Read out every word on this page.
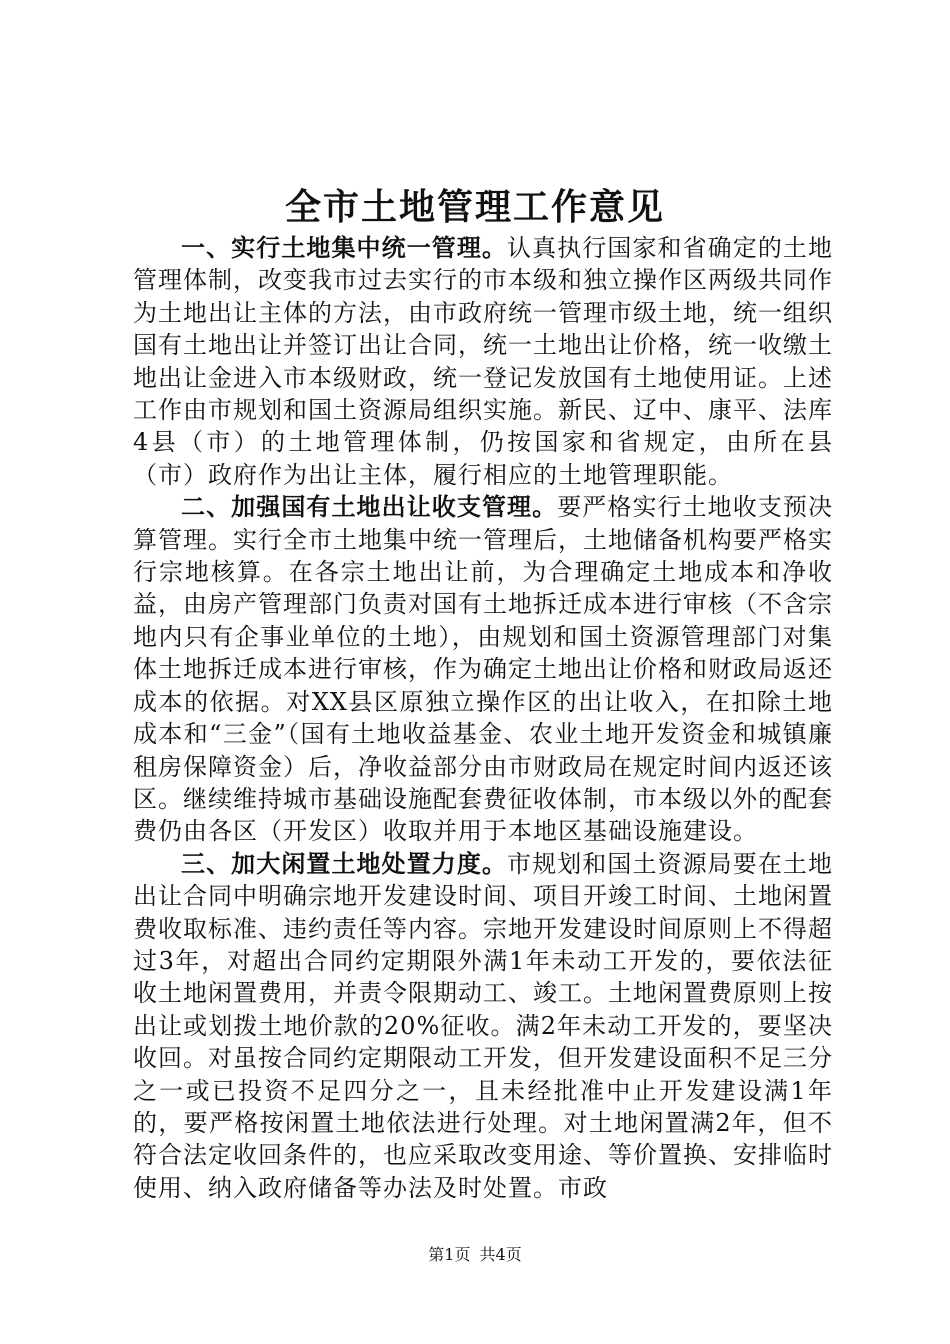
全市土地管理工作意见

一、实行土地集中统一管理。认真执行国家和省确定的土地管理体制，改变我市过去实行的市本级和独立操作区两级共同作为土地出让主体的方法，由市政府统一管理市级土地，统一组织国有土地出让并签订出让合同，统一土地出让价格，统一收缴土地出让金进入市本级财政，统一登记发放国有土地使用证。上述工作由市规划和国土资源局组织实施。新民、辽中、康平、法库4县（市）的土地管理体制，仍按国家和省规定，由所在县（市）政府作为出让主体，履行相应的土地管理职能。

二、加强国有土地出让收支管理。要严格实行土地收支预决算管理。实行全市土地集中统一管理后，土地储备机构要严格实行宗地核算。在各宗土地出让前，为合理确定土地成本和净收益，由房产管理部门负责对国有土地拆迁成本进行审核（不含宗地内只有企事业单位的土地），由规划和国土资源管理部门对集体土地拆迁成本进行审核，作为确定土地出让价格和财政局返还成本的依据。对XX县区原独立操作区的出让收入，在扣除土地成本和“三金”（国有土地收益基金、农业土地开发资金和城镇廉租房保障资金）后，净收益部分由市财政局在规定时间内返还该区。继续维持城市基础设施配套费征收体制，市本级以外的配套费仍由各区（开发区）收取并用于本地区基础设施建设。

三、加大闲置土地处置力度。市规划和国土资源局要在土地出让合同中明确宗地开发建设时间、项目开竣工时间、土地闲置费收取标准、违约责任等内容。宗地开发建设时间原则上不得超过3年，对超出合同约定期限外满1年未动工开发的，要依法征收土地闲置费用，并责令限期动工、竣工。土地闲置费原则上按出让或划拨土地价款的20%征收。满2年未动工开发的，要坚决收回。对虽按合同约定期限动工开发，但开发建设面积不足三分之一或已投资不足四分之一，且未经批准中止开发建设满1年的，要严格按闲置土地依法进行处理。对土地闲置满2年，但不符合法定收回条件的，也应采取改变用途、等价置换、安排临时使用、纳入政府储备等办法及时处置。市政

第1页 共4页
